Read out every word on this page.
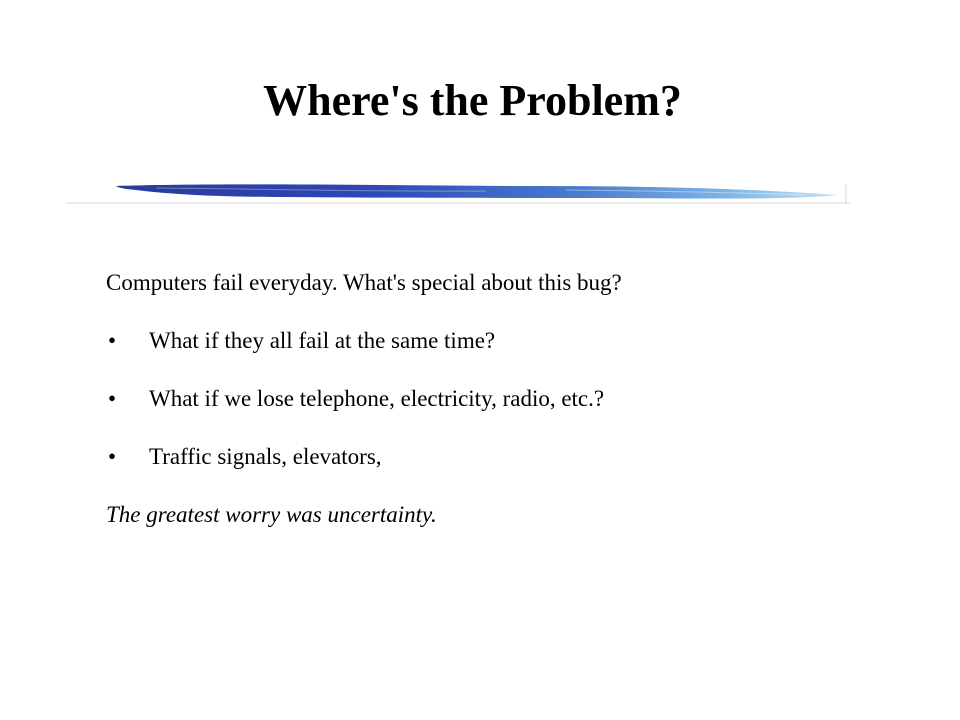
Where's the Problem?
Computers fail everyday. What's special about this bug?
• What if they all fail at the same time?
• What if we lose telephone, electricity, radio, etc.?
• Traffic signals, elevators,
The greatest worry was uncertainty.
